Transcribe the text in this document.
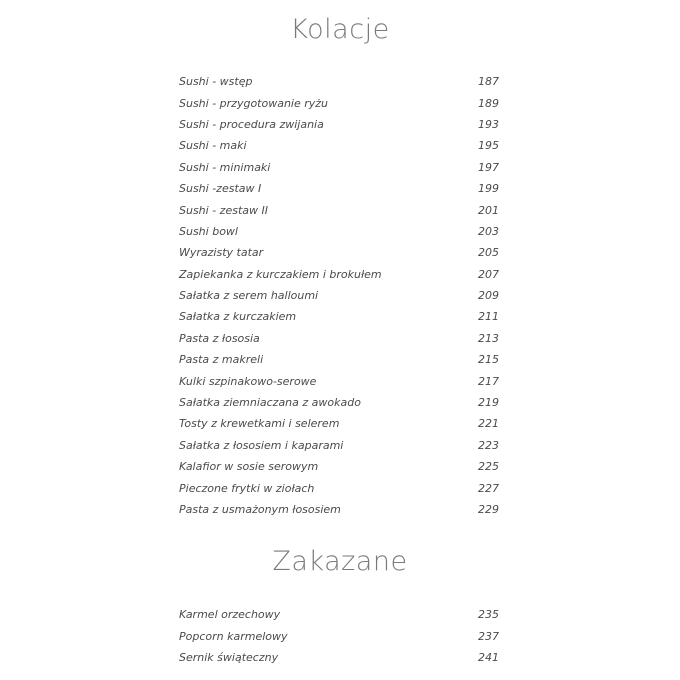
Kolacje
Sushi - wstęp	187
Sushi - przygotowanie ryżu	189
Sushi - procedura zwijania	193
Sushi - maki	195
Sushi - minimaki	197
Sushi -zestaw I	199
Sushi - zestaw II	201
Sushi bowl	203
Wyrazisty tatar	205
Zapiekanka z kurczakiem i brokułem	207
Sałatka z serem halloumi	209
Sałatka z kurczakiem	211
Pasta z łososia	213
Pasta z makreli	215
Kulki szpinakowo-serowe	217
Sałatka ziemniaczana z awokado	219
Tosty z krewetkami i selerem	221
Sałatka z łososiem i kaparami	223
Kalafior w sosie serowym	225
Pieczone frytki w ziołach	227
Pasta z usmażonym łososiem	229
Zakazane
Karmel orzechowy	235
Popcorn karmelowy	237
Sernik świąteczny	241
